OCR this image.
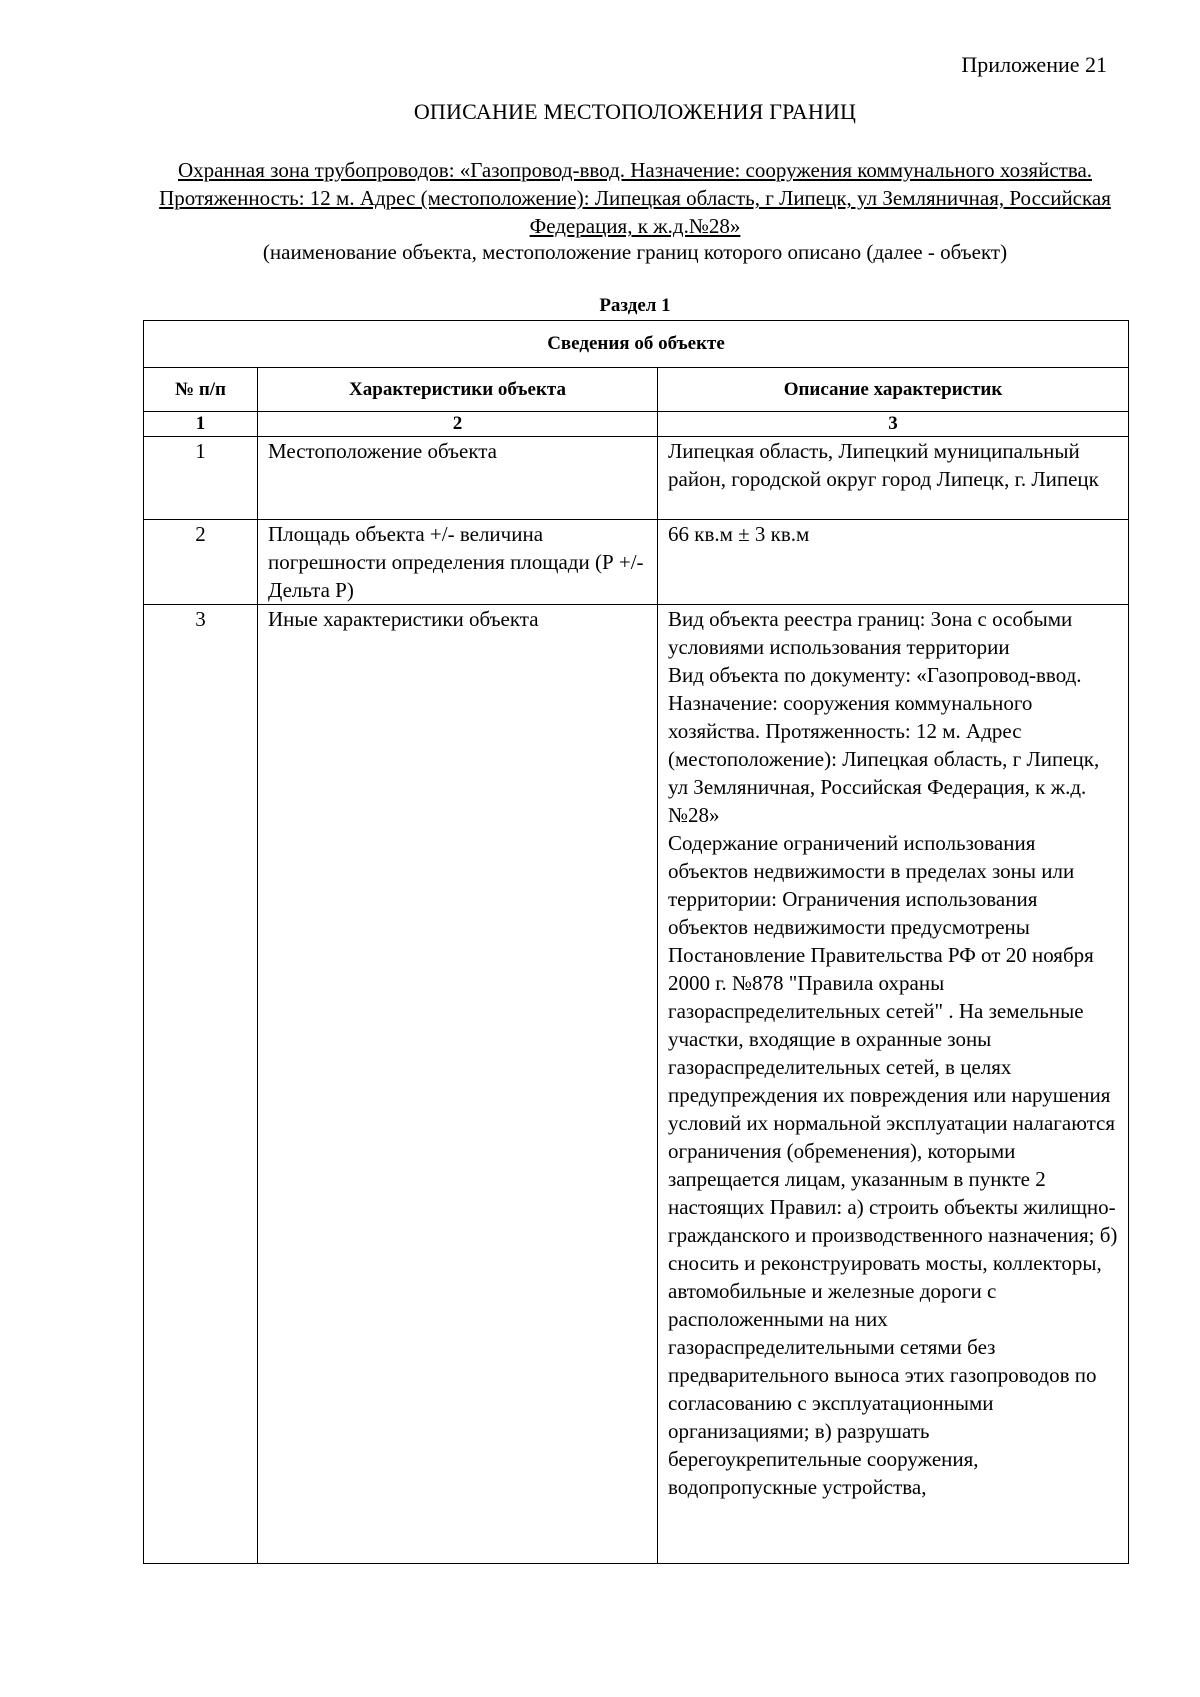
Приложение 21
ОПИСАНИЕ МЕСТОПОЛОЖЕНИЯ ГРАНИЦ
Охранная зона трубопроводов: «Газопровод-ввод. Назначение: сооружения коммунального хозяйства. Протяженность: 12 м. Адрес (местоположение): Липецкая область, г Липецк, ул Земляничная, Российская Федерация, к ж.д.№28»
(наименование объекта, местоположение границ которого описано (далее - объект)
Раздел 1
Сведения об объекте		
№ п/п	Характеристики объекта	Описание характеристик
1	2	3
1	Местоположение объекта	Липецкая область, Липецкий муниципальный район, городской округ город Липецк, г. Липецк
2	Площадь объекта +/- величина погрешности определения площади (Р +/- Дельта Р)	66 кв.м ± 3 кв.м
3	Иные характеристики объекта	Вид объекта реестра границ: Зона с особыми условиями использования территории
Вид объекта по документу: «Газопровод-ввод. Назначение: сооружения коммунального хозяйства. Протяженность: 12 м. Адрес (местоположение): Липецкая область, г Липецк, ул Земляничная, Российская Федерация, к ж.д.№28»
Содержание ограничений использования объектов недвижимости в пределах зоны или территории: Ограничения использования объектов недвижимости предусмотрены Постановление Правительства РФ от 20 ноября 2000 г. №878 "Правила охраны газораспределительных сетей" . На земельные участки, входящие в охранные зоны газораспределительных сетей, в целях предупреждения их повреждения или нарушения условий их нормальной эксплуатации налагаются ограничения (обременения), которыми запрещается лицам, указанным в пункте 2 настоящих Правил: а) строить объекты жилищно-гражданского и производственного назначения; б) сносить и реконструировать мосты, коллекторы, автомобильные и железные дороги с расположенными на них газораспределительными сетями без предварительного выноса этих газопроводов по согласованию с эксплуатационными организациями; в) разрушать берегоукрепительные сооружения, водопропускные устройства,
